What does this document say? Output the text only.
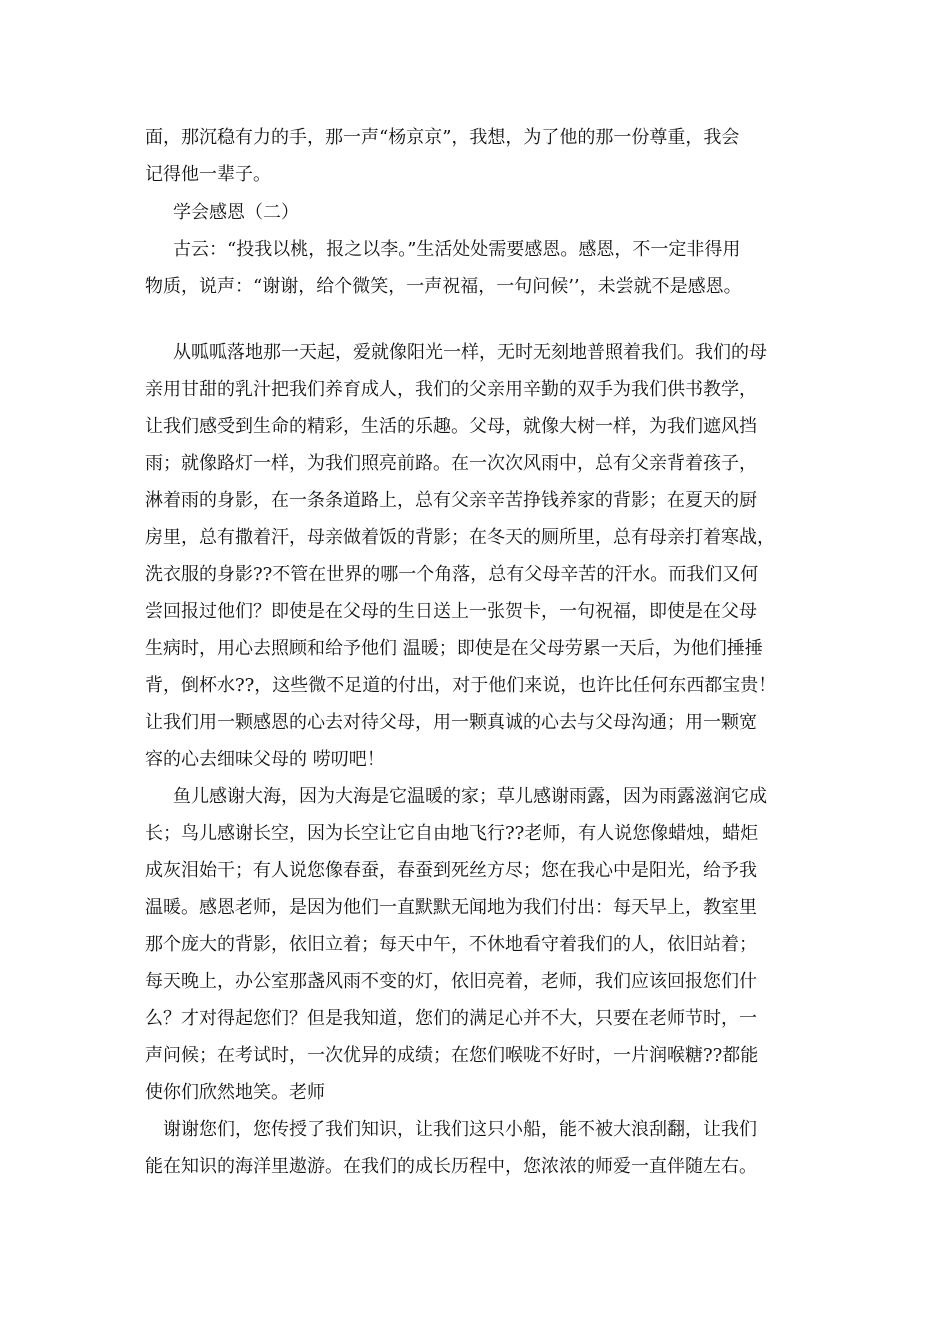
面，那沉稳有力的手，那一声“杨京京”，我想，为了他的那一份尊重，我会
记得他一辈子。
学会感恩（二）
古云：“投我以桃，报之以李。”生活处处需要感恩。感恩，不一定非得用
物质，说声：“谢谢，给个微笑，一声祝福，一句问候’’，未尝就不是感恩。
从呱呱落地那一天起，爱就像阳光一样，无时无刻地普照着我们。我们的母
亲用甘甜的乳汁把我们养育成人，我们的父亲用辛勤的双手为我们供书教学，
让我们感受到生命的精彩，生活的乐趣。父母，就像大树一样，为我们遮风挡
雨；就像路灯一样，为我们照亮前路。在一次次风雨中，总有父亲背着孩子，
淋着雨的身影，在一条条道路上，总有父亲辛苦挣钱养家的背影；在夏天的厨
房里，总有撒着汗，母亲做着饭的背影；在冬天的厕所里，总有母亲打着寒战，
洗衣服的身影??不管在世界的哪一个角落，总有父母辛苦的汗水。而我们又何
尝回报过他们？即使是在父母的生日送上一张贺卡，一句祝福，即使是在父母
生病时，用心去照顾和给予他们 温暖；即使是在父母劳累一天后，为他们捶捶
背，倒杯水??，这些微不足道的付出，对于他们来说，也许比任何东西都宝贵！
让我们用一颗感恩的心去对待父母，用一颗真诚的心去与父母沟通；用一颗宽
容的心去细味父母的 唠叨吧！
鱼儿感谢大海，因为大海是它温暖的家；草儿感谢雨露，因为雨露滋润它成
长；鸟儿感谢长空，因为长空让它自由地飞行??老师，有人说您像蜡烛，蜡炬
成灰泪始干；有人说您像春蚕，春蚕到死丝方尽；您在我心中是阳光，给予我
温暖。感恩老师，是因为他们一直默默无闻地为我们付出：每天早上，教室里
那个庞大的背影，依旧立着；每天中午，不休地看守着我们的人，依旧站着；
每天晚上，办公室那盏风雨不变的灯，依旧亮着，老师，我们应该回报您们什
么？才对得起您们？但是我知道，您们的满足心并不大，只要在老师节时，一
声问候；在考试时，一次优异的成绩；在您们喉咙不好时，一片润喉糖??都能
使你们欣然地笑。老师
谢谢您们，您传授了我们知识，让我们这只小船，能不被大浪刮翻，让我们
能在知识的海洋里遨游。在我们的成长历程中，您浓浓的师爱一直伴随左右。
